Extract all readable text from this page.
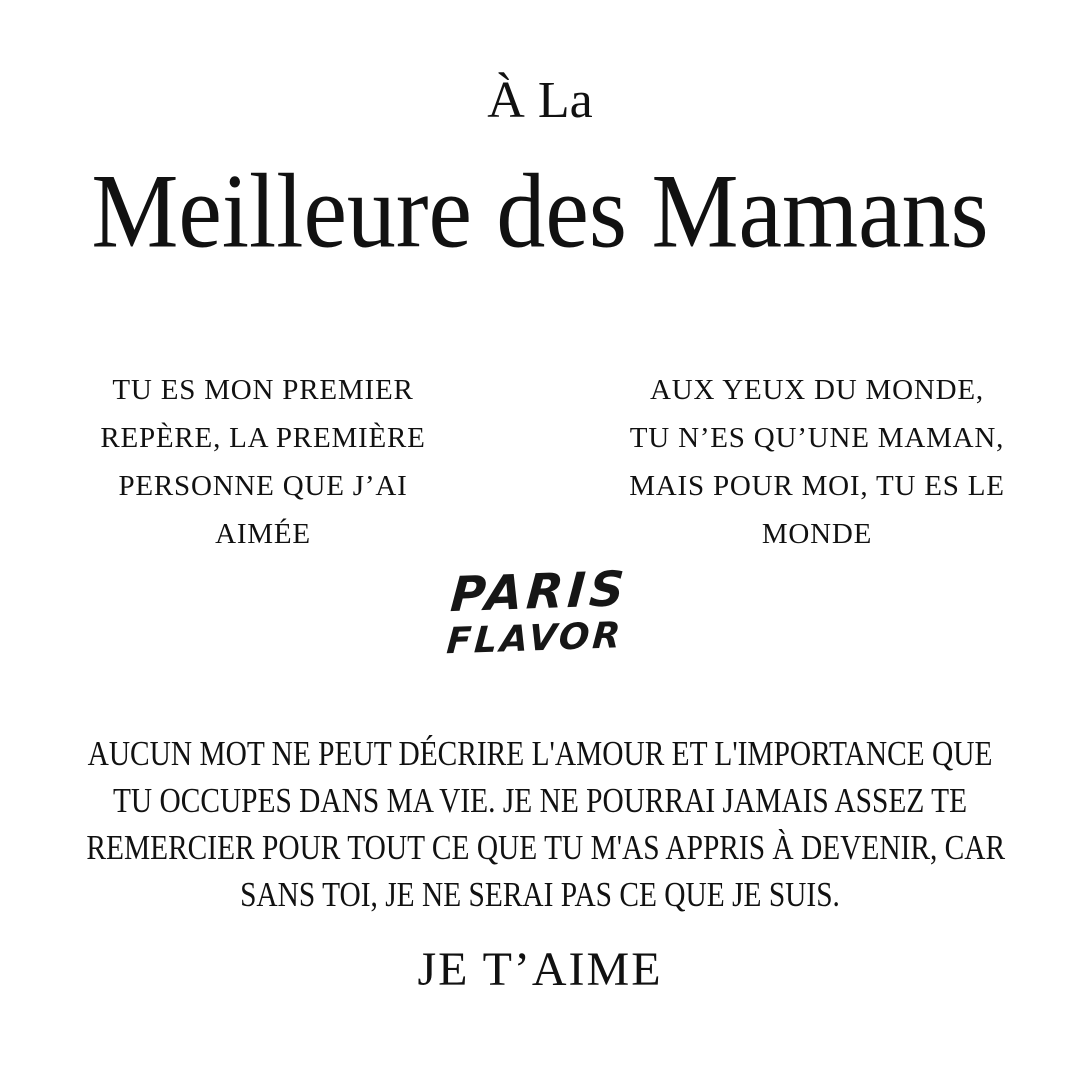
À La
Meilleure des Mamans
TU ES MON PREMIER
REPÈRE, LA PREMIÈRE
PERSONNE QUE J’AI
AIMÉE
AUX YEUX DU MONDE,
TU N’ES QU’UNE MAMAN,
MAIS POUR MOI, TU ES LE
MONDE
PARIS
FLAVOR
AUCUN MOT NE PEUT DÉCRIRE L'AMOUR ET L'IMPORTANCE QUE
TU OCCUPES DANS MA VIE. JE NE POURRAI JAMAIS ASSEZ TE
REMERCIER POUR TOUT CE QUE TU M'AS APPRIS À DEVENIR, CAR
SANS TOI, JE NE SERAI PAS CE QUE JE SUIS.
JE T’AIME
